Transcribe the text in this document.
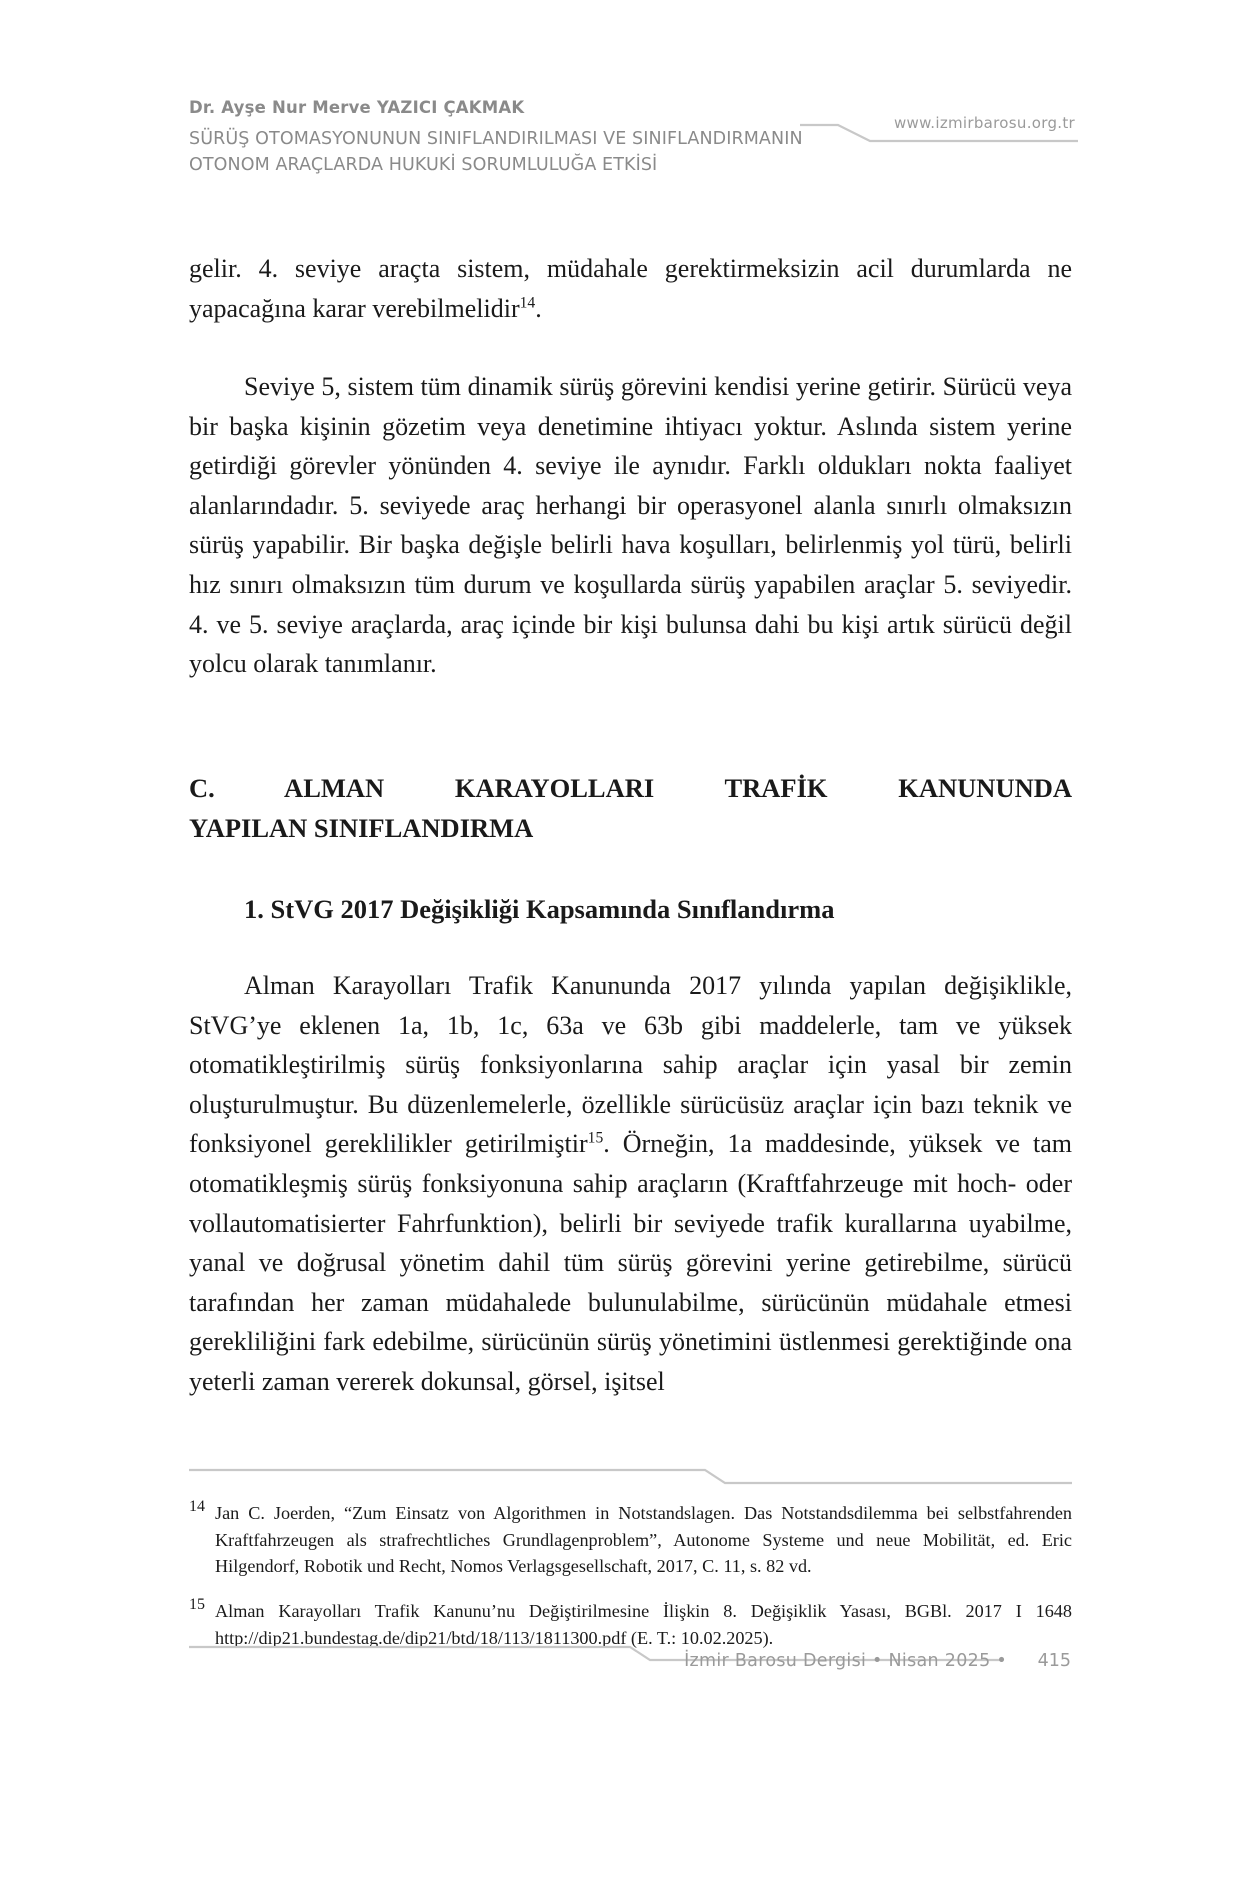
Dr. Ayşe Nur Merve YAZICI ÇAKMAK
SÜRÜŞ OTOMASYONUNUN SINIFLANDIRILMASI VE SINIFLANDIRMANIN
OTONOM ARAÇLARDA HUKUKİ SORUMLULUĞA ETKİSİ
www.izmirbarosu.org.tr

gelir. 4. seviye araçta sistem, müdahale gerektirmeksizin acil durumlarda ne yapacağına karar verebilmelidir$^{14}$.

Seviye 5, sistem tüm dinamik sürüş görevini kendisi yerine getirir. Sürücü veya bir başka kişinin gözetim veya denetimine ihtiyacı yoktur. Aslında sistem yerine getirdiği görevler yönünden 4. seviye ile aynıdır. Farklı oldukları nokta faaliyet alanlarındadır. 5. seviyede araç herhangi bir operasyonel alanla sınırlı olmaksızın sürüş yapabilir. Bir başka değişle belirli hava koşulları, belirlenmiş yol türü, belirli hız sınırı olmaksızın tüm durum ve koşullarda sürüş yapabilen araçlar 5. seviyedir. 4. ve 5. seviye araçlarda, araç içinde bir kişi bulunsa dahi bu kişi artık sürücü değil yolcu olarak tanımlanır.

C. ALMAN KARAYOLLARI TRAFİK KANUNUNDA
YAPILAN SINIFLANDIRMA
1. StVG 2017 Değişikliği Kapsamında Sınıflandırma

Alman Karayolları Trafik Kanununda 2017 yılında yapılan değişiklikle, StVG’ye eklenen 1a, 1b, 1c, 63a ve 63b gibi maddelerle, tam ve yüksek otomatikleştirilmiş sürüş fonksiyonlarına sahip araçlar için yasal bir zemin oluşturulmuştur. Bu düzenlemelerle, özellikle sürücüsüz araçlar için bazı teknik ve fonksiyonel gereklilikler getirilmiştir$^{15}$. Örneğin, 1a maddesinde, yüksek ve tam otomatikleşmiş sürüş fonksiyonuna sahip araçların (Kraftfahrzeuge mit hoch- oder vollautomatisierter Fahrfunktion), belirli bir seviyede trafik kurallarına uyabilme, yanal ve doğrusal yönetim dahil tüm sürüş görevini yerine getirebilme, sürücü tarafından her zaman müdahalede bulunulabilme, sürücünün müdahale etmesi gerekliliğini fark edebilme, sürücünün sürüş yönetimini üstlenmesi gerektiğinde ona yeterli zaman vererek dokunsal, görsel, işitsel

14 Jan C. Joerden, “Zum Einsatz von Algorithmen in Notstandslagen. Das Notstandsdilemma bei selbstfahrenden Kraftfahrzeugen als strafrechtliches Grundlagenproblem”, Autonome Systeme und neue Mobilität, ed. Eric Hilgendorf, Robotik und Recht, Nomos Verlagsgesellschaft, 2017, C. 11, s. 82 vd.
15 Alman Karayolları Trafik Kanunu’nu Değiştirilmesine İlişkin 8. Değişiklik Yasası, BGBl. 2017 I 1648 http://dip21.bundestag.de/dip21/btd/18/113/1811300.pdf (E. T.: 10.02.2025).
İzmir Barosu Dergisi • Nisan 2025 • 415
